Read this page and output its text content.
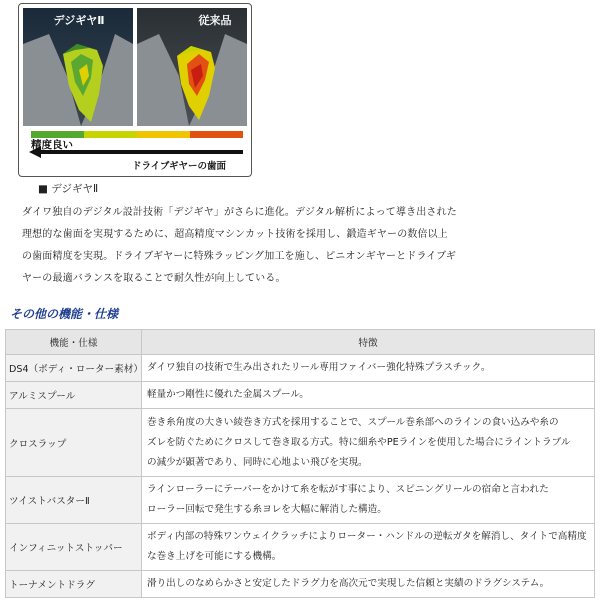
デジギヤⅡ	従来品
精度良い
ドライブギヤーの歯面
■ デジギヤⅡ
ダイワ独自のデジタル設計技術「デジギヤ」がさらに進化。デジタル解析によって導き出された
理想的な歯面を実現するために、超高精度マシンカット技術を採用し、鍛造ギヤーの数倍以上
の歯面精度を実現。ドライブギヤーに特殊ラッピング加工を施し、ピニオンギヤーとドライブギ
ヤーの最適バランスを取ることで耐久性が向上している。
その他の機能・仕様
機能・仕様	特徴
DS4（ボディ・ローター素材）	ダイワ独自の技術で生み出されたリール専用ファイバー強化特殊プラスチック。

アルミスプール	軽量かつ剛性に優れた金属スプール。

クロスラップ	巻き糸角度の大きい綾巻き方式を採用することで、スプール巻糸部へのラインの食い込みや糸の
ズレを防ぐためにクロスして巻き取る方式。特に細糸やPEラインを使用した場合にライントラブル
の減少が顕著であり、同時に心地よい飛びを実現。

ツイストバスターⅡ	ラインローラーにテーパーをかけて糸を転がす事により、スピニングリールの宿命と言われた
ローラー回転で発生する糸ヨレを大幅に解消した構造。

インフィニットストッパー	ボディ内部の特殊ワンウェイクラッチによりローター・ハンドルの逆転ガタを解消し、タイトで高精度
な巻き上げを可能にする機構。

トーナメントドラグ	滑り出しのなめらかさと安定したドラグ力を高次元で実現した信頼と実績のドラグシステム。
